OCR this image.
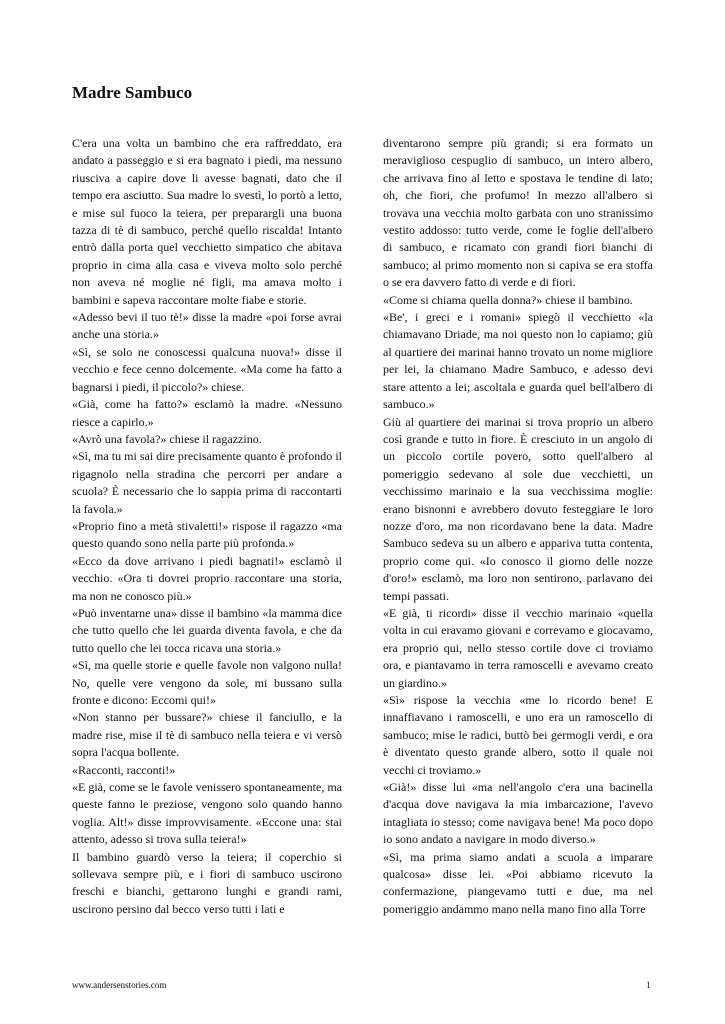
Madre Sambuco

C'era una volta un bambino che era raffreddato, era andato a passeggio e si era bagnato i piedi, ma nessuno riusciva a capire dove li avesse bagnati, dato che il tempo era asciutto. Sua madre lo svestì, lo portò a letto, e mise sul fuoco la teiera, per preparargli una buona tazza di tè di sambuco, perché quello riscalda! Intanto entrò dalla porta quel vecchietto simpatico che abitava proprio in cima alla casa e viveva molto solo perché non aveva né moglie né figli, ma amava molto i bambini e sapeva raccontare molte fiabe e storie.

«Adesso bevi il tuo tè!» disse la madre «poi forse avrai anche una storia.»

«Sì, se solo ne conoscessi qualcuna nuova!» disse il vecchio e fece cenno dolcemente. «Ma come ha fatto a bagnarsi i piedi, il piccolo?» chiese.

«Già, come ha fatto?» esclamò la madre. «Nessuno riesce a capirlo.»

«Avrò una favola?» chiese il ragazzino.

«Sì, ma tu mi sai dire precisamente quanto è profondo il rigagnolo nella stradina che percorri per andare a scuola? È necessario che lo sappia prima di raccontarti la favola.»

«Proprio fino a metà stivaletti!» rispose il ragazzo «ma questo quando sono nella parte più profonda.»

«Ecco da dove arrivano i piedi bagnati!» esclamò il vecchio. «Ora ti dovrei proprio raccontare una storia, ma non ne conosco più.»

«Può inventarne una» disse il bambino «la mamma dice che tutto quello che lei guarda diventa favola, e che da tutto quello che lei tocca ricava una storia.»

«Sì, ma quelle storie e quelle favole non valgono nulla! No, quelle vere vengono da sole, mi bussano sulla fronte e dicono: Eccomi qui!»

«Non stanno per bussare?» chiese il fanciullo, e la madre rise, mise il tè di sambuco nella teiera e vi versò sopra l'acqua bollente.

«Racconti, racconti!»

«E già, come se le favole venissero spontaneamente, ma queste fanno le preziose, vengono solo quando hanno voglia. Alt!» disse improvvisamente. «Eccone una: stai attento, adesso si trova sulla teiera!»

Il bambino guardò verso la teiera; il coperchio si sollevava sempre più, e i fiori di sambuco uscirono freschi e bianchi, gettarono lunghi e grandi rami, uscirono persino dal becco verso tutti i lati e

diventarono sempre più grandi; si era formato un meraviglioso cespuglio di sambuco, un intero albero, che arrivava fino al letto e spostava le tendine di lato; oh, che fiori, che profumo! In mezzo all'albero si trovava una vecchia molto garbata con uno stranissimo vestito addosso: tutto verde, come le foglie dell'albero di sambuco, e ricamato con grandi fiori bianchi di sambuco; al primo momento non si capiva se era stoffa o se era davvero fatto di verde e di fiori.

«Come si chiama quella donna?» chiese il bambino.

«Be', i greci e i romani» spiegò il vecchietto «la chiamavano Driade, ma noi questo non lo capiamo; giù al quartiere dei marinai hanno trovato un nome migliore per lei, la chiamano Madre Sambuco, e adesso devi stare attento a lei; ascoltala e guarda quel bell'albero di sambuco.»

Giù al quartiere dei marinai si trova proprio un albero così grande e tutto in fiore. È cresciuto in un angolo di un piccolo cortile povero, sotto quell'albero al pomeriggio sedevano al sole due vecchietti, un vecchissimo marinaio e la sua vecchissima moglie: erano bisnonni e avrebbero dovuto festeggiare le loro nozze d'oro, ma non ricordavano bene la data. Madre Sambuco sedeva su un albero e appariva tutta contenta, proprio come qui. «Io conosco il giorno delle nozze d'oro!» esclamò, ma loro non sentirono, parlavano dei tempi passati.

«E già, ti ricordi» disse il vecchio marinaio «quella volta in cui eravamo giovani e correvamo e giocavamo, era proprio qui, nello stesso cortile dove ci troviamo ora, e piantavamo in terra ramoscelli e avevamo creato un giardino.»

«Sì» rispose la vecchia «me lo ricordo bene! E innaffiavano i ramoscelli, e uno era un ramoscello di sambuco; mise le radici, buttò bei germogli verdi, e ora è diventato questo grande albero, sotto il quale noi vecchi ci troviamo.»

«Già!» disse lui «ma nell'angolo c'era una bacinella d'acqua dove navigava la mia imbarcazione, l'avevo intagliata io stesso; come navigava bene! Ma poco dopo io sono andato a navigare in modo diverso.»

«Sì, ma prima siamo andati a scuola a imparare qualcosa» disse lei. «Poi abbiamo ricevuto la confermazione, piangevamo tutti e due, ma nel pomeriggio andammo mano nella mano fino alla Torre

www.andersenstories.com	1
